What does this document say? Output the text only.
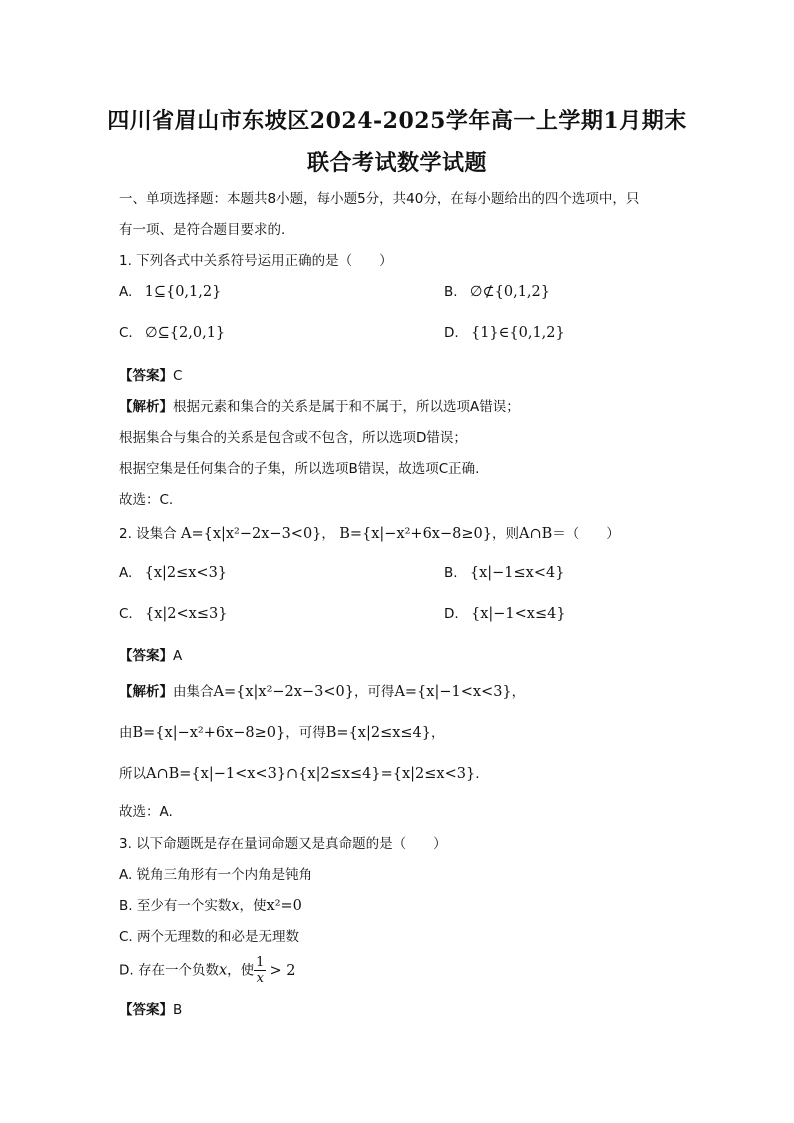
四川省眉山市东坡区2024-2025学年高一上学期1月期末
联合考试数学试题
一、单项选择题：本题共8小题，每小题5分，共40分，在每小题给出的四个选项中，只
有一项、是符合题目要求的.
1. 下列各式中关系符号运用正确的是（　　）
A. 1⊆{0,1,2}	B. ∅⊄{0,1,2}
C. ∅⊆{2,0,1}	D. {1}∈{0,1,2}
【答案】C
【解析】根据元素和集合的关系是属于和不属于，所以选项A错误；
根据集合与集合的关系是包含或不包含，所以选项D错误；
根据空集是任何集合的子集，所以选项B错误，故选项C正确.
故选：C.
2. 设集合 A={x|x²−2x−3<0}， B={x|−x²+6x−8≥0}，则A∩B＝（　　）
A. {x|2≤x<3}	B. {x|−1≤x<4}
C. {x|2<x≤3}	D. {x|−1<x≤4}
【答案】A
【解析】由集合A={x|x²−2x−3<0}，可得A={x|−1<x<3}，
由B={x|−x²+6x−8≥0}，可得B={x|2≤x≤4}，
所以A∩B={x|−1<x<3}∩{x|2≤x≤4}={x|2≤x<3}.
故选：A.
3. 以下命题既是存在量词命题又是真命题的是（　　）
A. 锐角三角形有一个内角是钝角
B. 至少有一个实数x，使x²=0
C. 两个无理数的和必是无理数
D. 存在一个负数x，使 $\frac{1}{x} > 2$
【答案】B
